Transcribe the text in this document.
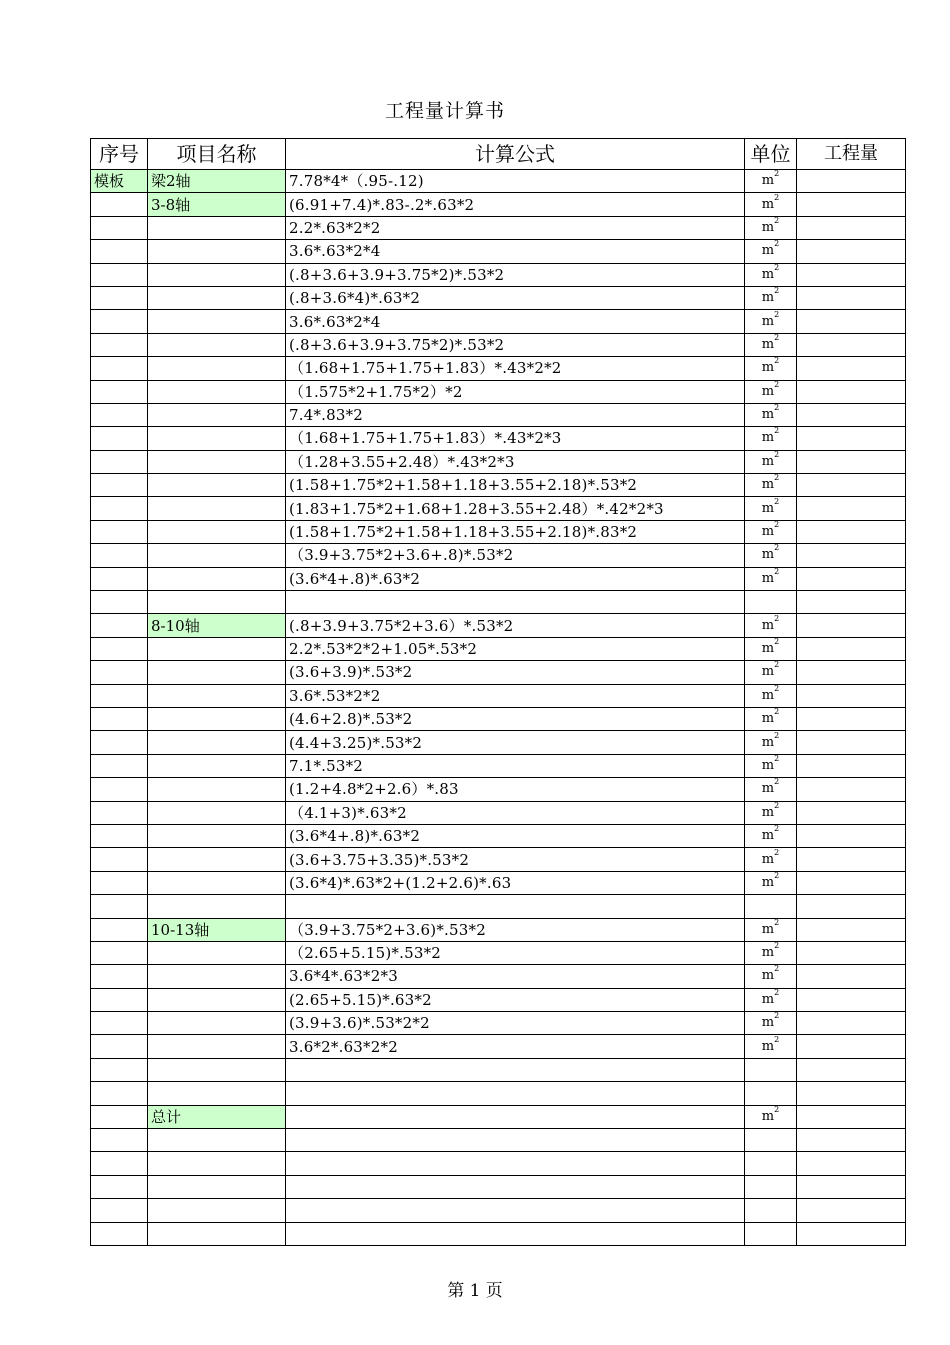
工程量计算书
序号	项目名称	计算公式	单位	工程量
模板	梁2轴	7.78*4*（.95-.12)	$m^2$	
	3-8轴	(6.91+7.4)*.83-.2*.63*2	$m^2$	
		2.2*.63*2*2	$m^2$	
		3.6*.63*2*4	$m^2$	
		(.8+3.6+3.9+3.75*2)*.53*2	$m^2$	
		(.8+3.6*4)*.63*2	$m^2$	
		3.6*.63*2*4	$m^2$	
		(.8+3.6+3.9+3.75*2)*.53*2	$m^2$	
		（1.68+1.75+1.75+1.83）*.43*2*2	$m^2$	
		（1.575*2+1.75*2）*2	$m^2$	
		7.4*.83*2	$m^2$	
		（1.68+1.75+1.75+1.83）*.43*2*3	$m^2$	
		（1.28+3.55+2.48）*.43*2*3	$m^2$	
		(1.58+1.75*2+1.58+1.18+3.55+2.18)*.53*2	$m^2$	
		(1.83+1.75*2+1.68+1.28+3.55+2.48）*.42*2*3	$m^2$	
		(1.58+1.75*2+1.58+1.18+3.55+2.18)*.83*2	$m^2$	
		（3.9+3.75*2+3.6+.8)*.53*2	$m^2$	
		(3.6*4+.8)*.63*2	$m^2$	

	8-10轴	(.8+3.9+3.75*2+3.6）*.53*2	$m^2$	
		2.2*.53*2*2+1.05*.53*2	$m^2$	
		(3.6+3.9)*.53*2	$m^2$	
		3.6*.53*2*2	$m^2$	
		(4.6+2.8)*.53*2	$m^2$	
		(4.4+3.25)*.53*2	$m^2$	
		7.1*.53*2	$m^2$	
		(1.2+4.8*2+2.6）*.83	$m^2$	
		（4.1+3)*.63*2	$m^2$	
		(3.6*4+.8)*.63*2	$m^2$	
		(3.6+3.75+3.35)*.53*2	$m^2$	
		(3.6*4)*.63*2+(1.2+2.6)*.63	$m^2$	

	10-13轴	（3.9+3.75*2+3.6)*.53*2	$m^2$	
		（2.65+5.15)*.53*2	$m^2$	
		3.6*4*.63*2*3	$m^2$	
		(2.65+5.15)*.63*2	$m^2$	
		(3.9+3.6)*.53*2*2	$m^2$	
		3.6*2*.63*2*2	$m^2$	

	总计		$m^2$	

第 1 页
